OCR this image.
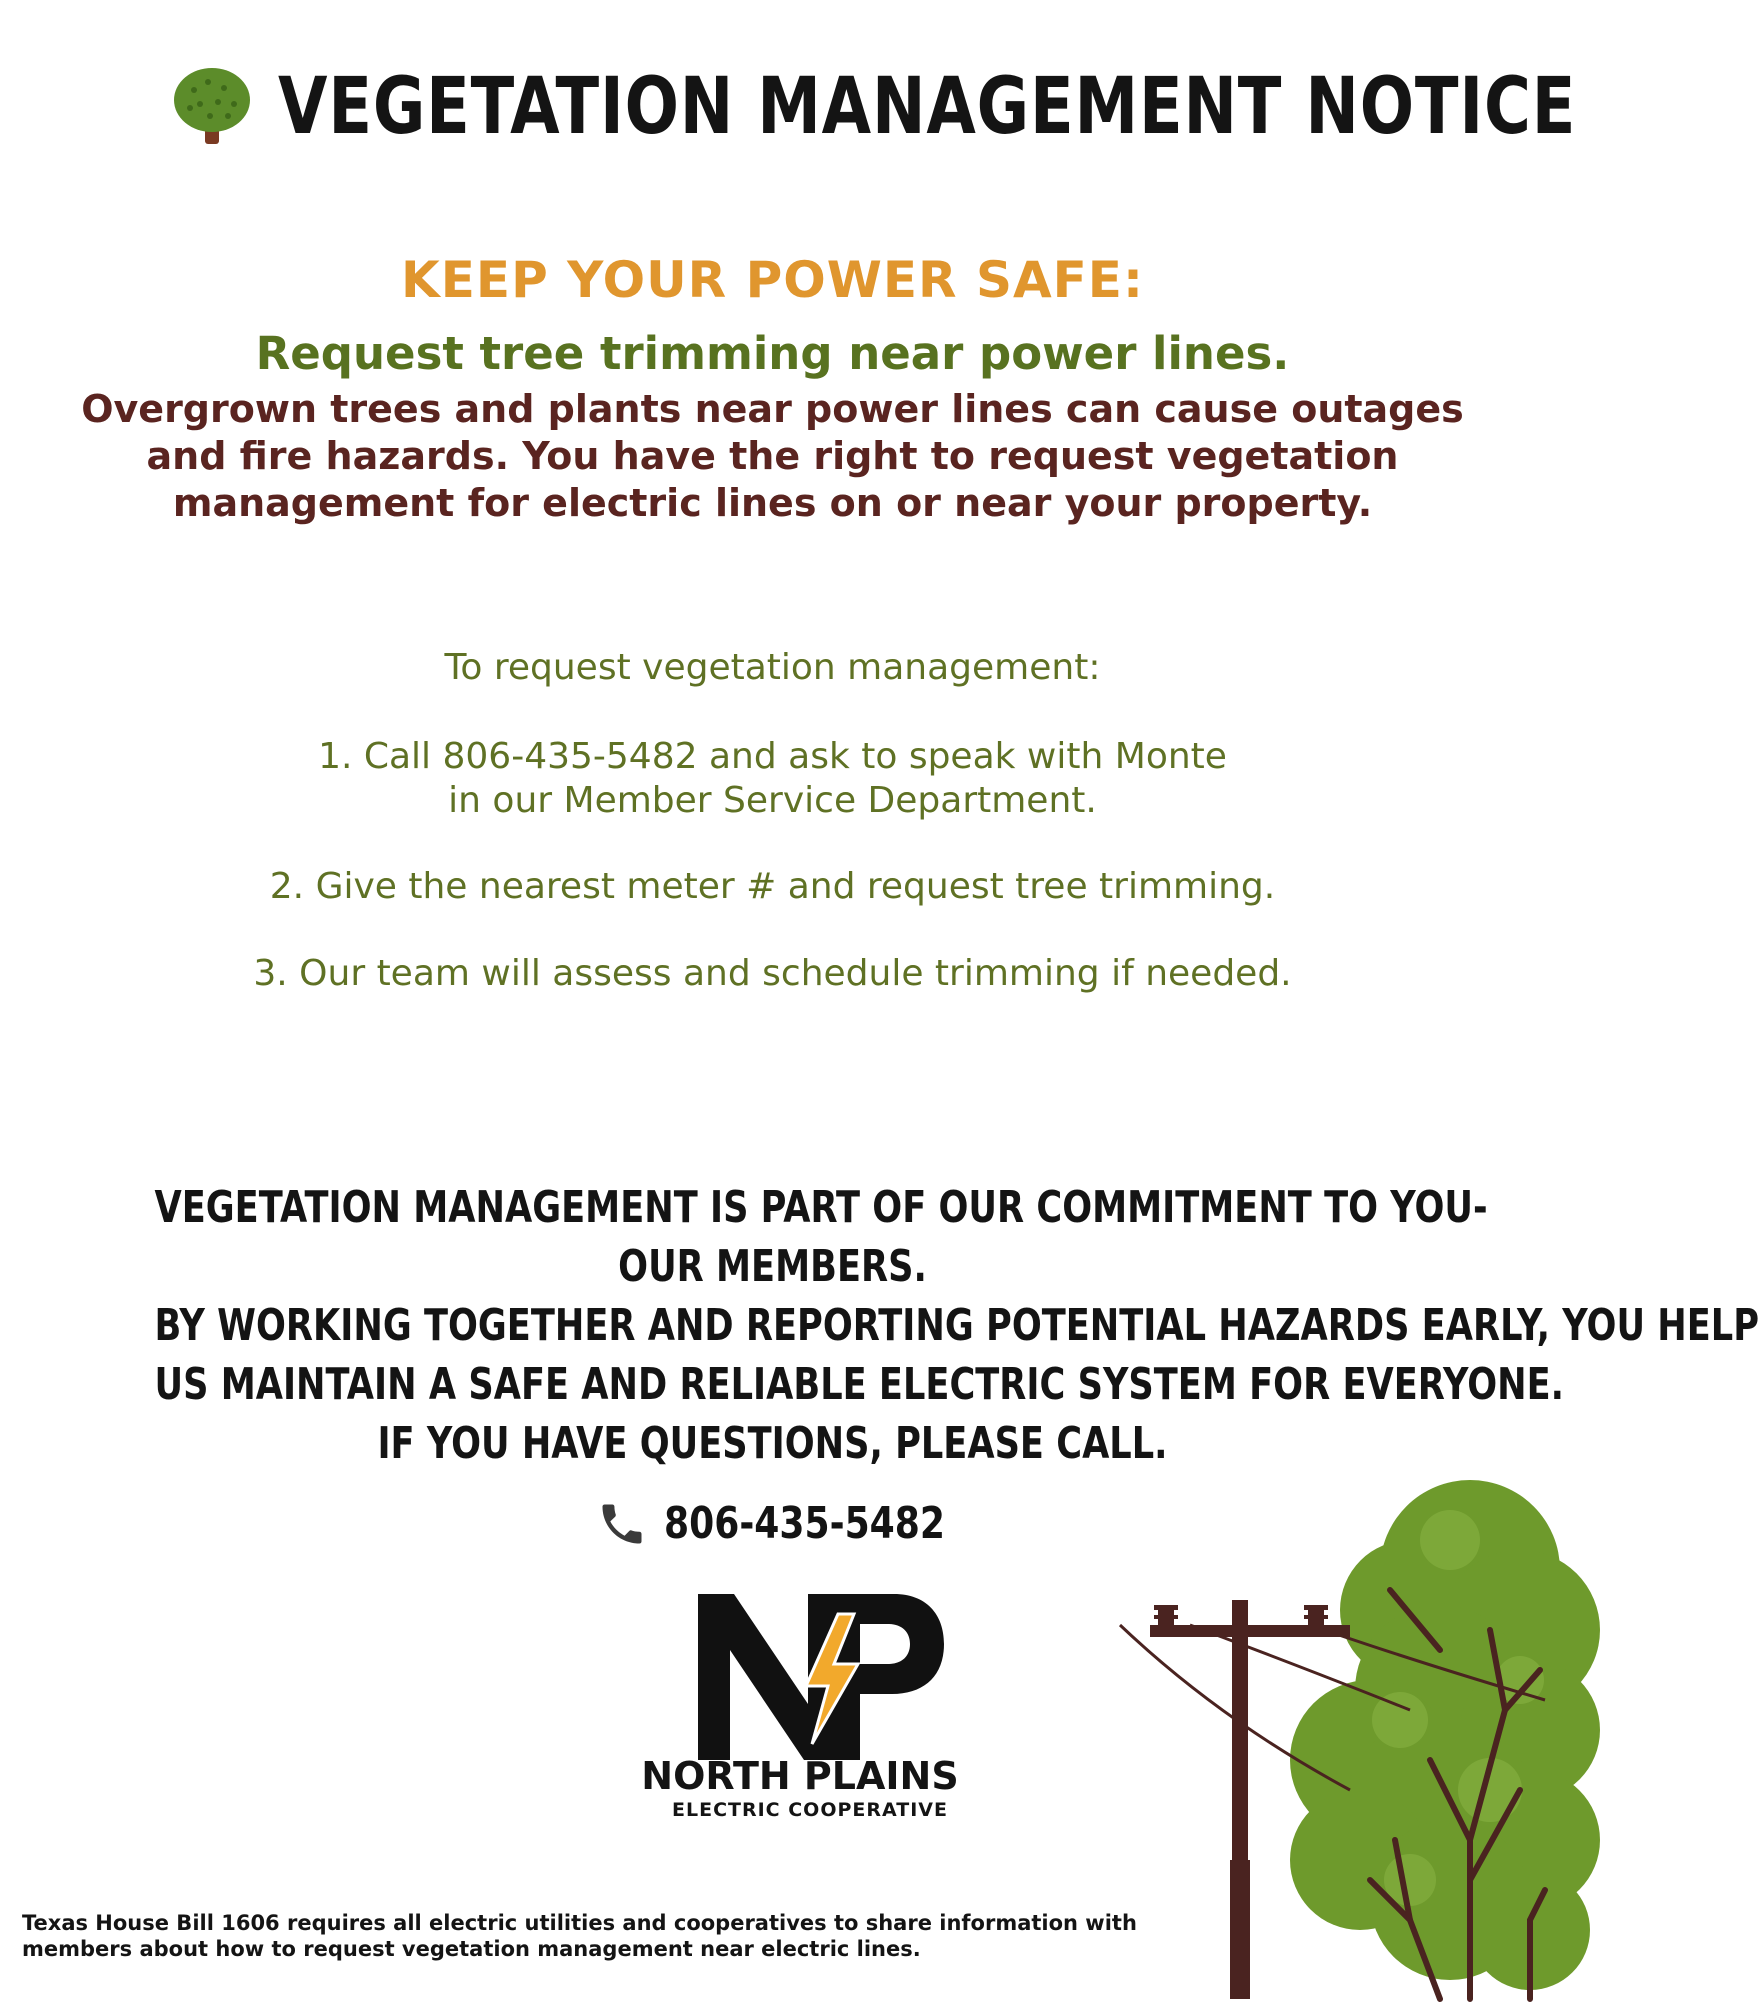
VEGETATION MANAGEMENT NOTICE
KEEP YOUR POWER SAFE:
Request tree trimming near power lines.
Overgrown trees and plants near power lines can cause outages and fire hazards. You have the right to request vegetation management for electric lines on or near your property.
To request vegetation management:
1. Call 806-435-5482 and ask to speak with Monte
in our Member Service Department.
2. Give the nearest meter # and request tree trimming.
3. Our team will assess and schedule trimming if needed.
VEGETATION MANAGEMENT IS PART OF OUR COMMITMENT TO YOU-
OUR MEMBERS.
BY WORKING TOGETHER AND REPORTING POTENTIAL HAZARDS EARLY, YOU HELP
US MAINTAIN A SAFE AND RELIABLE ELECTRIC SYSTEM FOR EVERYONE.
IF YOU HAVE QUESTIONS, PLEASE CALL.
806-435-5482
NORTH PLAINS
ELECTRIC COOPERATIVE
Texas House Bill 1606 requires all electric utilities and cooperatives to share information with members about how to request vegetation management near electric lines.
